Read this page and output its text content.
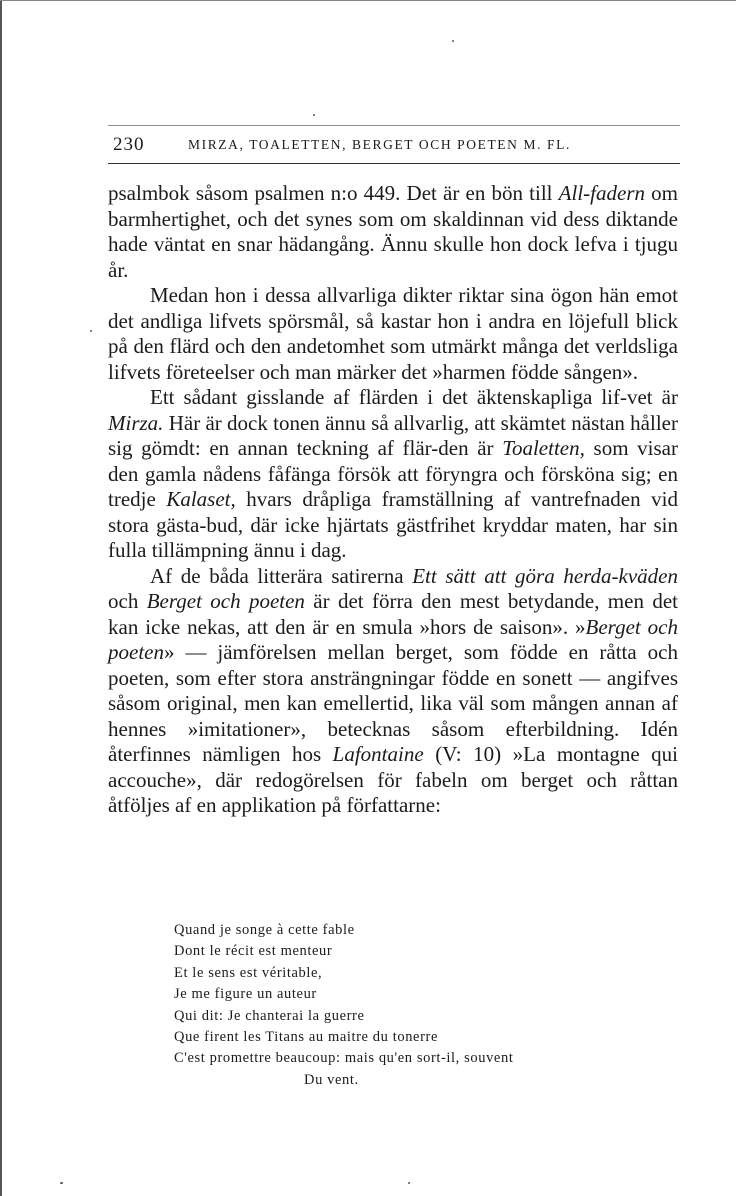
230	MIRZA, TOALETTEN, BERGET OCH POETEN M. FL.

psalmbok såsom psalmen n:o 449. Det är en bön till All-fadern om barmhertighet, och det synes som om skaldinnan vid dess diktande hade väntat en snar hädangång. Ännu skulle hon dock lefva i tjugu år.

Medan hon i dessa allvarliga dikter riktar sina ögon hän emot det andliga lifvets spörsmål, så kastar hon i andra en löjefull blick på den flärd och den andetomhet som utmärkt många det verldsliga lifvets företeelser och man märker det »harmen födde sången».

Ett sådant gisslande af flärden i det äktenskapliga lif-vet är Mirza. Här är dock tonen ännu så allvarlig, att skämtet nästan håller sig gömdt: en annan teckning af flär-den är Toaletten, som visar den gamla nådens fåfänga försök att föryngra och försköna sig; en tredje Kalaset, hvars dråpliga framställning af vantrefnaden vid stora gästa-bud, där icke hjärtats gästfrihet kryddar maten, har sin fulla tillämpning ännu i dag.

Af de båda litterära satirerna Ett sätt att göra herda-kväden och Berget och poeten är det förra den mest betydande, men det kan icke nekas, att den är en smula »hors de saison». »Berget och poeten» — jämförelsen mellan berget, som födde en råtta och poeten, som efter stora ansträngningar födde en sonett — angifves såsom original, men kan emellertid, lika väl som mången annan af hennes »imitationer», betecknas såsom efterbildning. Idén återfinnes nämligen hos Lafontaine (V: 10) »La montagne qui accouche», där redogörelsen för fabeln om berget och råttan åtföljes af en applikation på författarne:

Quand je songe à cette fable
Dont le récit est menteur
Et le sens est véritable,
Je me figure un auteur
Qui dit: Je chanterai la guerre
Que firent les Titans au maitre du tonerre
C'est promettre beaucoup: mais qu'en sort-il, souvent
Du vent.
